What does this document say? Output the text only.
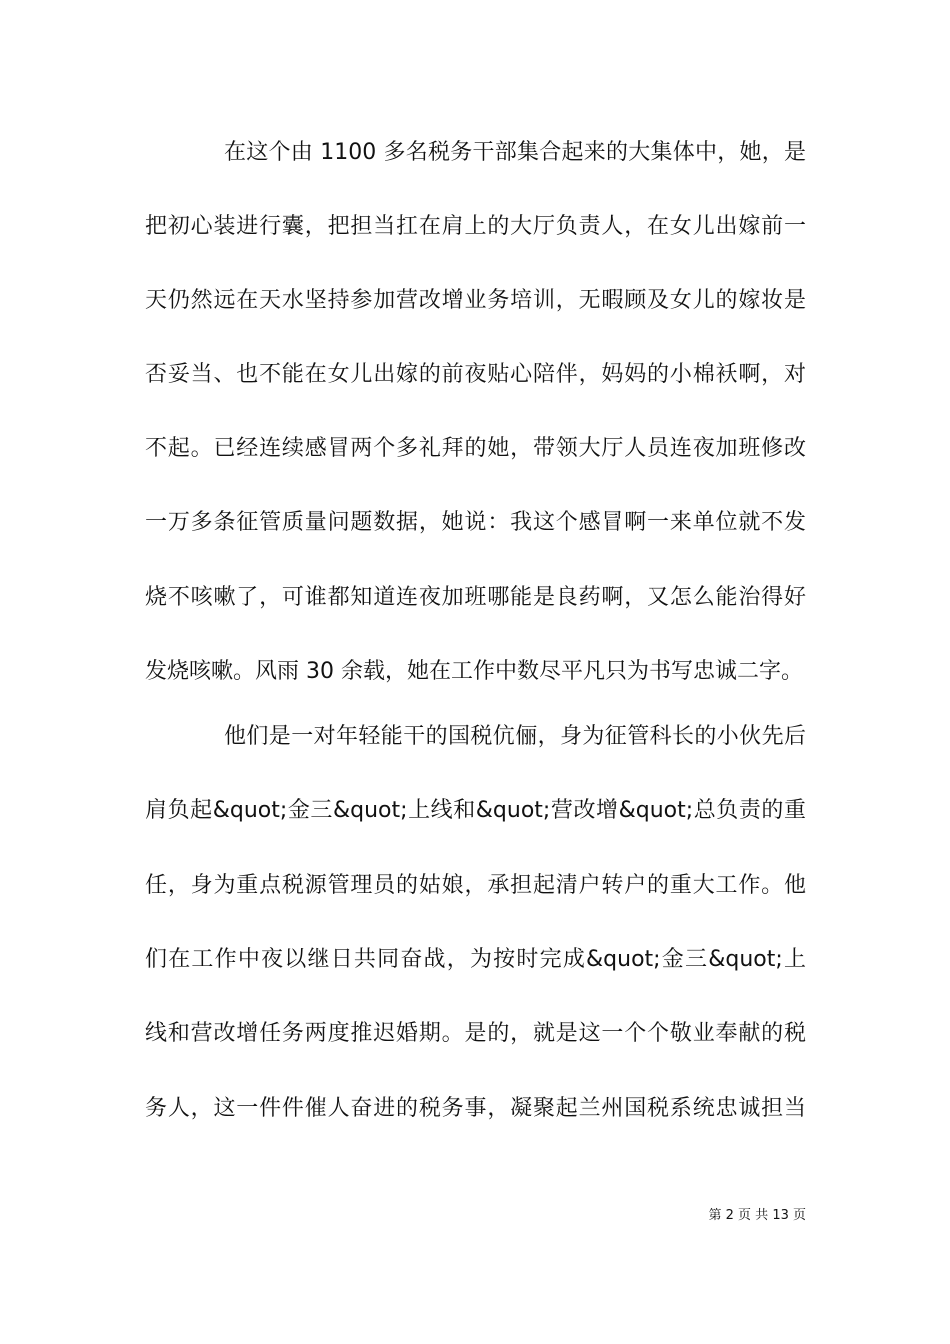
在这个由 1100 多名税务干部集合起来的大集体中，她，是
把初心装进行囊，把担当扛在肩上的大厅负责人，在女儿出嫁前一
天仍然远在天水坚持参加营改增业务培训，无暇顾及女儿的嫁妆是
否妥当、也不能在女儿出嫁的前夜贴心陪伴，妈妈的小棉袄啊，对
不起。已经连续感冒两个多礼拜的她，带领大厅人员连夜加班修改
一万多条征管质量问题数据，她说：我这个感冒啊一来单位就不发
烧不咳嗽了，可谁都知道连夜加班哪能是良药啊，又怎么能治得好
发烧咳嗽。风雨 30 余载，她在工作中数尽平凡只为书写忠诚二字。
他们是一对年轻能干的国税伉俪，身为征管科长的小伙先后
肩负起&quot;金三&quot;上线和&quot;营改增&quot;总负责的重
任，身为重点税源管理员的姑娘，承担起清户转户的重大工作。他
们在工作中夜以继日共同奋战，为按时完成&quot;金三&quot;上
线和营改增任务两度推迟婚期。是的，就是这一个个敬业奉献的税
务人，这一件件催人奋进的税务事，凝聚起兰州国税系统忠诚担当
第 2 页 共 13 页
